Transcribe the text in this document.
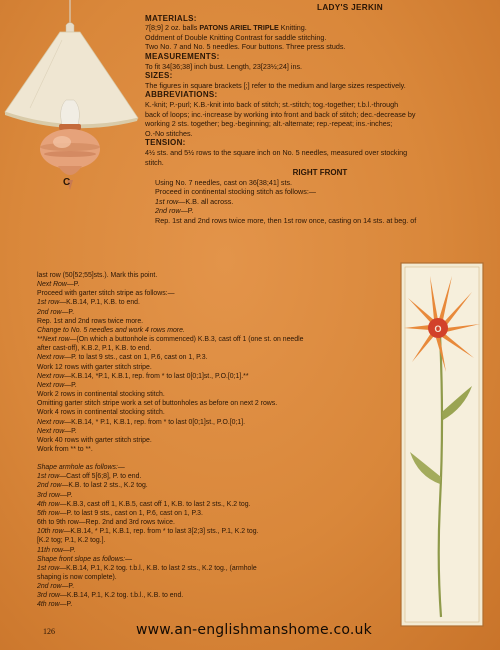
C
LADY'S JERKIN
MATERIALS:
7[8;9] 2 oz. balls PATONS ARIEL TRIPLE Knitting.
Oddment of Double Knitting Contrast for saddle stitching.
Two No. 7 and No. 5 needles. Four buttons. Three press studs.
MEASUREMENTS:
To fit 34[36;38] inch bust. Length, 23[23½;24] ins.
SIZES:
The figures in square brackets [;] refer to the medium and large sizes respectively.
ABBREVIATIONS:
K.-knit; P.-purl; K.B.-knit into back of stitch; st.-stitch; tog.-together; t.b.l.-through
back of loops; inc.-increase by working into front and back of stitch; dec.-decrease by
working 2 sts. together; beg.-beginning; alt.-alternate; rep.-repeat; ins.-inches;
O.-No stitches.
TENSION:
4½ sts. and 5½ rows to the square inch on No. 5 needles, measured over stocking
stitch.
RIGHT FRONT
Using No. 7 needles, cast on 36[38;41] sts.
Proceed in continental stocking stitch as follows:—
1st row—K.B. all across.
2nd row—P.
Rep. 1st and 2nd rows twice more, then 1st row once, casting on 14 sts. at beg. of
last row (50[52;55]sts.). Mark this point.
Next Row—P.
Proceed with garter stitch stripe as follows:—
1st row—K.B.14, P.1, K.B. to end.
2nd row—P.
Rep. 1st and 2nd rows twice more.
Change to No. 5 needles and work 4 rows more.
**Next row—(On which a buttonhole is commenced) K.B.3, cast off 1 (one st. on needle
after cast-off), K.B.2, P.1, K.B. to end.
Next row—P. to last 9 sts., cast on 1, P.6, cast on 1, P.3.
Work 12 rows with garter stitch stripe.
Next row—K.B.14, *P.1, K.B.1, rep. from * to last 0[0;1]st., P.O.[0;1].**
Next row—P.
Work 2 rows in continental stocking stitch.
Omitting garter stitch stripe work a set of buttonholes as before on next 2 rows.
Work 4 rows in continental stocking stitch.
Next row—K.B.14, * P.1, K.B.1, rep. from * to last 0[0;1]st., P.O.[0;1].
Next row—P.
Work 40 rows with garter stitch stripe.
Work from ** to **.
Shape armhole as follows:—
1st row—Cast off 5[6;8], P. to end.
2nd row—K.B. to last 2 sts., K.2 tog.
3rd row—P.
4th row—K.B.3, cast off 1, K.B.5, cast off 1, K.B. to last 2 sts., K.2 tog.
5th row—P. to last 9 sts., cast on 1, P.6, cast on 1, P.3.
6th to 9th row—Rep. 2nd and 3rd rows twice.
10th row—K.B.14, * P.1, K.B.1, rep. from * to last 3[2;3] sts., P.1, K.2 tog.
[K.2 tog; P.1, K.2 tog.].
11th row—P.
Shape front slope as follows:—
1st row—K.B.14, P.1, K.2 tog. t.b.l., K.B. to last 2 sts., K.2 tog., (armhole
shaping is now complete).
2nd row—P.
3rd row—K.B.14, P.1, K.2 tog. t.b.l., K.B. to end.
4th row—P.
O
126	www.an-englishmanshome.co.uk
